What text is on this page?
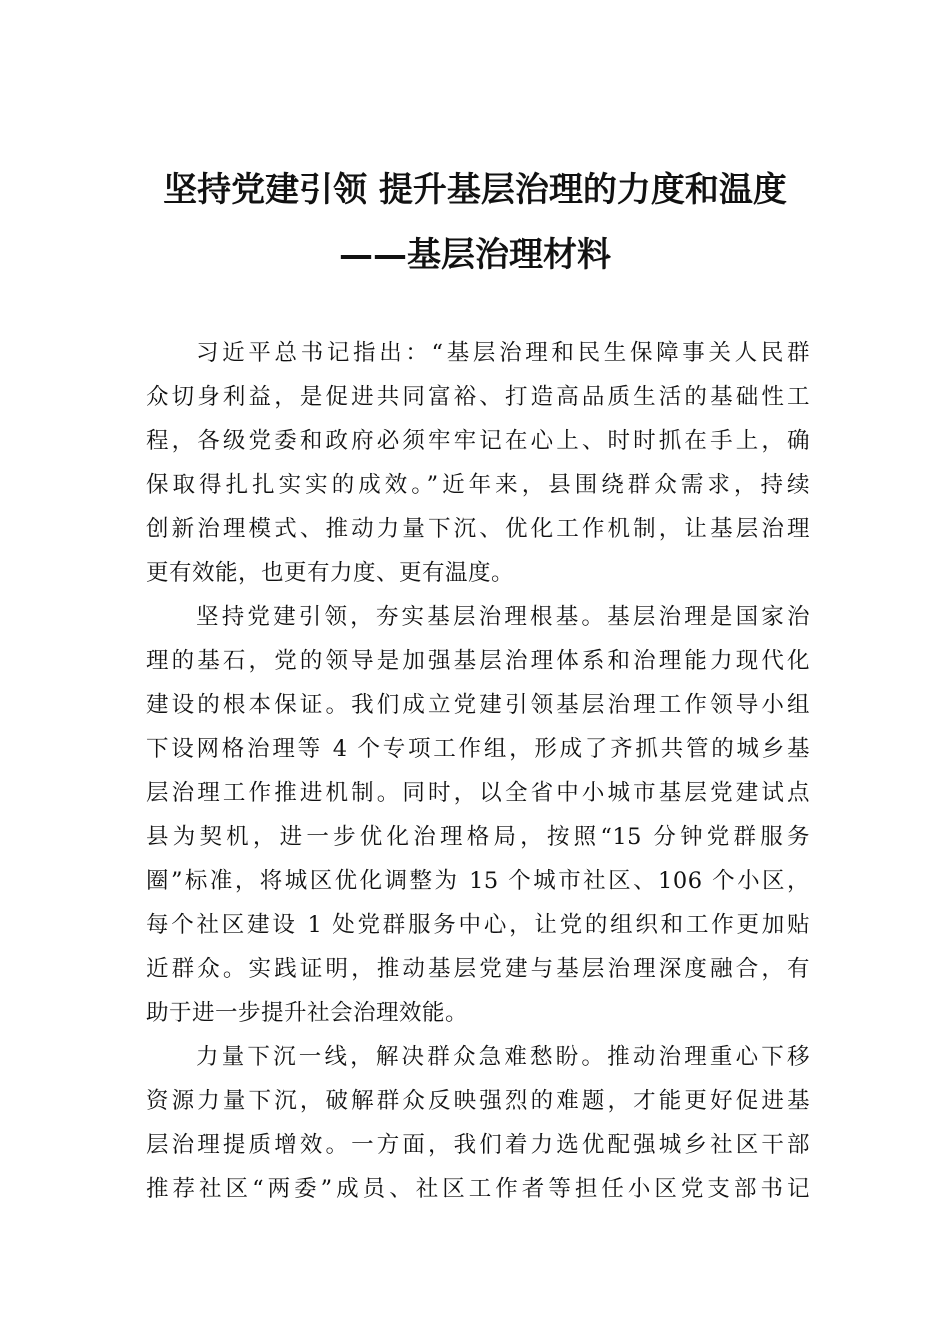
坚持党建引领 提升基层治理的力度和温度
——基层治理材料
习近平总书记指出：“基层治理和民生保障事关人民群
众切身利益，是促进共同富裕、打造高品质生活的基础性工
程，各级党委和政府必须牢牢记在心上、时时抓在手上，确
保取得扎扎实实的成效。”近年来，县围绕群众需求，持续
创新治理模式、推动力量下沉、优化工作机制，让基层治理
更有效能，也更有力度、更有温度。
坚持党建引领，夯实基层治理根基。基层治理是国家治
理的基石，党的领导是加强基层治理体系和治理能力现代化
建设的根本保证。我们成立党建引领基层治理工作领导小组
下设网格治理等 4 个专项工作组，形成了齐抓共管的城乡基
层治理工作推进机制。同时，以全省中小城市基层党建试点
县为契机，进一步优化治理格局，按照“15 分钟党群服务
圈”标准，将城区优化调整为 15 个城市社区、106 个小区，
每个社区建设 1 处党群服务中心，让党的组织和工作更加贴
近群众。实践证明，推动基层党建与基层治理深度融合，有
助于进一步提升社会治理效能。
力量下沉一线，解决群众急难愁盼。推动治理重心下移
资源力量下沉，破解群众反映强烈的难题，才能更好促进基
层治理提质增效。一方面，我们着力选优配强城乡社区干部
推荐社区“两委”成员、社区工作者等担任小区党支部书记
